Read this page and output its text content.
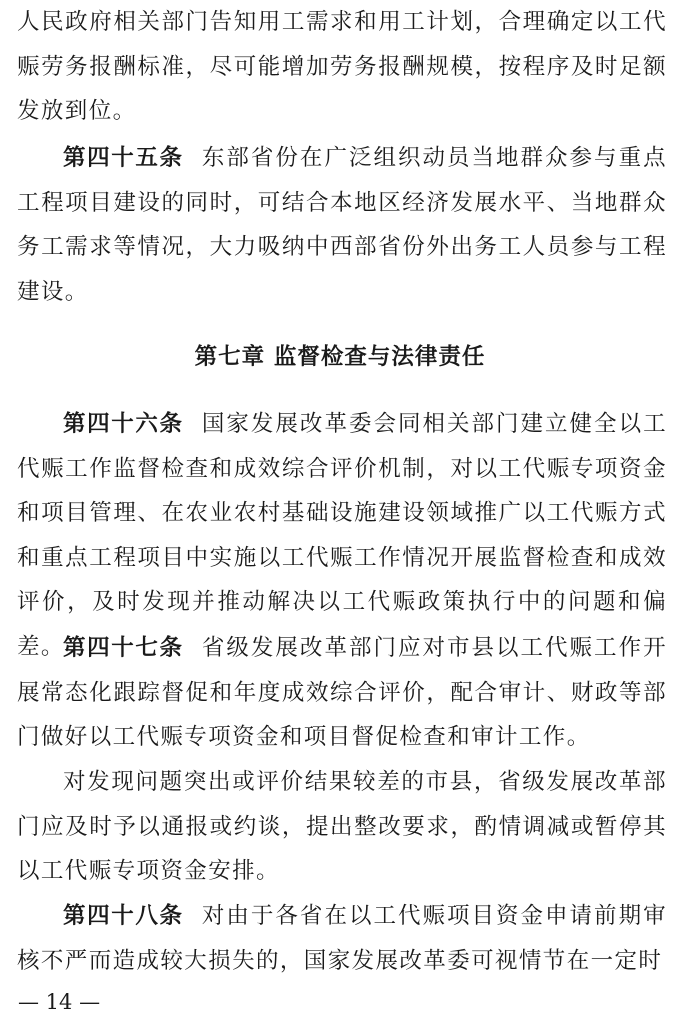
人民政府相关部门告知用工需求和用工计划，合理确定以工代赈劳务报酬标准，尽可能增加劳务报酬规模，按程序及时足额发放到位。

第四十五条 东部省份在广泛组织动员当地群众参与重点工程项目建设的同时，可结合本地区经济发展水平、当地群众务工需求等情况，大力吸纳中西部省份外出务工人员参与工程建设。

第七章 监督检查与法律责任

第四十六条 国家发展改革委会同相关部门建立健全以工代赈工作监督检查和成效综合评价机制，对以工代赈专项资金和项目管理、在农业农村基础设施建设领域推广以工代赈方式和重点工程项目中实施以工代赈工作情况开展监督检查和成效评价，及时发现并推动解决以工代赈政策执行中的问题和偏差。

第四十七条 省级发展改革部门应对市县以工代赈工作开展常态化跟踪督促和年度成效综合评价，配合审计、财政等部门做好以工代赈专项资金和项目督促检查和审计工作。

对发现问题突出或评价结果较差的市县，省级发展改革部门应及时予以通报或约谈，提出整改要求，酌情调减或暂停其以工代赈专项资金安排。

第四十八条 对由于各省在以工代赈项目资金申请前期审核不严而造成较大损失的，国家发展改革委可视情节在一定时

— 14 —
